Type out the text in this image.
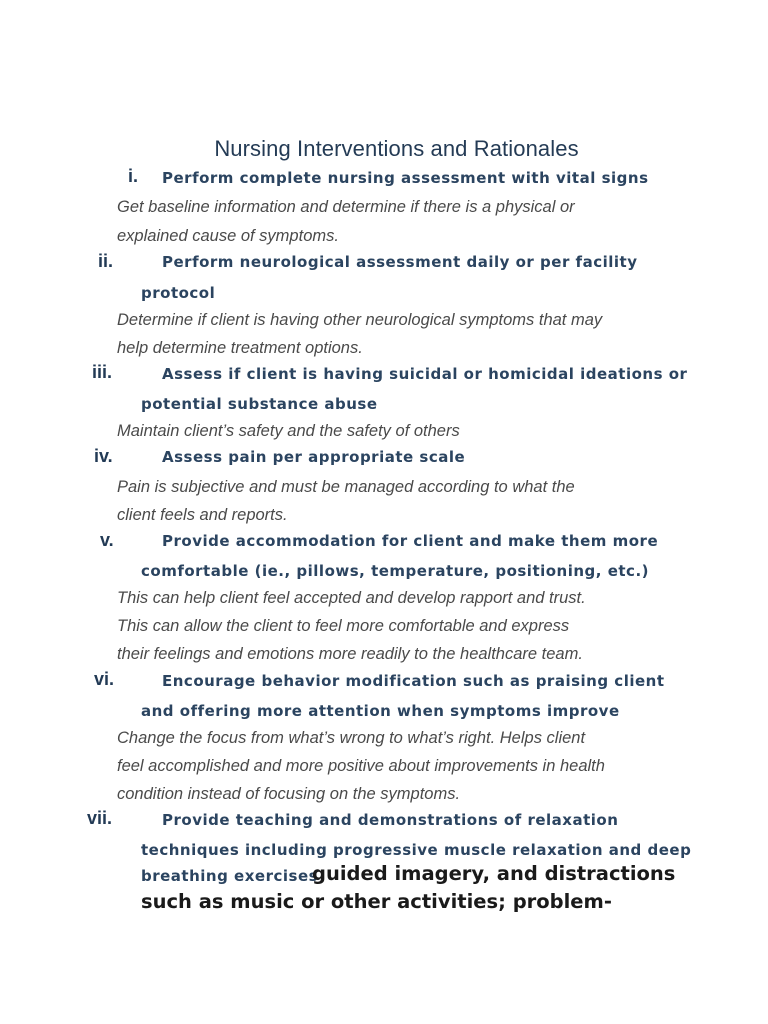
Nursing Interventions and Rationales
i. Perform complete nursing assessment with vital signs
Get baseline information and determine if there is a physical or
explained cause of symptoms.
ii.	Perform neurological assessment daily or per facility
protocol
Determine if client is having other neurological symptoms that may
help determine treatment options.
iii.	Assess if client is having suicidal or homicidal ideations or
potential substance abuse
Maintain client’s safety and the safety of others
iv.	Assess pain per appropriate scale
Pain is subjective and must be managed according to what the
client feels and reports.
v.	Provide accommodation for client and make them more
comfortable (ie., pillows, temperature, positioning, etc.)
This can help client feel accepted and develop rapport and trust.
This can allow the client to feel more comfortable and express
their feelings and emotions more readily to the healthcare team.
vi.	Encourage behavior modification such as praising client
and offering more attention when symptoms improve
Change the focus from what’s wrong to what’s right. Helps client
feel accomplished and more positive about improvements in health
condition instead of focusing on the symptoms.
vii.	Provide teaching and demonstrations of relaxation
techniques including progressive muscle relaxation and deep
breathing exercises
guided imagery, and distractions
such as music or other activities; problem-
